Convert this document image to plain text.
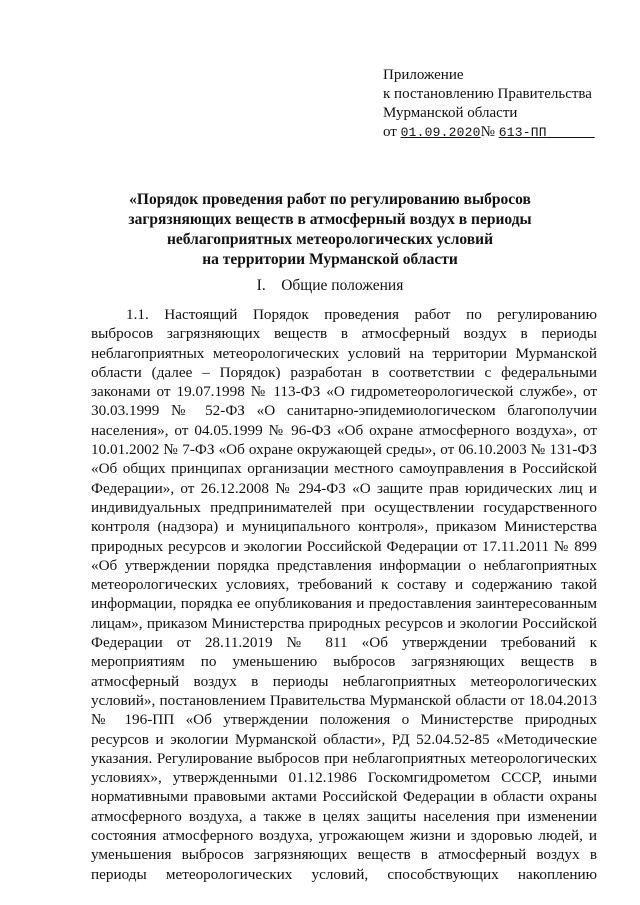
Приложение
к постановлению Правительства
Мурманской области
от 01.09.2020№ 613-ПП
«Порядок проведения работ по регулированию выбросов
загрязняющих веществ в атмосферный воздух в периоды
неблагоприятных метеорологических условий
на территории Мурманской области
I. Общие положения
1.1. Настоящий Порядок проведения работ по регулированию
выбросов загрязняющих веществ в атмосферный воздух в периоды
неблагоприятных метеорологических условий на территории Мурманской
области (далее – Порядок) разработан в соответствии с федеральными
законами от 19.07.1998 № 113-ФЗ «О гидрометеорологической службе», от
30.03.1999 № 52-ФЗ «О санитарно-эпидемиологическом благополучии
населения», от 04.05.1999 № 96-ФЗ «Об охране атмосферного воздуха», от
10.01.2002 № 7-ФЗ «Об охране окружающей среды», от 06.10.2003 № 131-ФЗ
«Об общих принципах организации местного самоуправления в Российской
Федерации», от 26.12.2008 № 294-ФЗ «О защите прав юридических лиц и
индивидуальных предпринимателей при осуществлении государственного
контроля (надзора) и муниципального контроля», приказом Министерства
природных ресурсов и экологии Российской Федерации от 17.11.2011 № 899
«Об утверждении порядка представления информации о неблагоприятных
метеорологических условиях, требований к составу и содержанию такой
информации, порядка ее опубликования и предоставления заинтересованным
лицам», приказом Министерства природных ресурсов и экологии Российской
Федерации от 28.11.2019 № 811 «Об утверждении требований к
мероприятиям по уменьшению выбросов загрязняющих веществ в
атмосферный воздух в периоды неблагоприятных метеорологических
условий», постановлением Правительства Мурманской области от 18.04.2013
№ 196-ПП «Об утверждении положения о Министерстве природных
ресурсов и экологии Мурманской области», РД 52.04.52-85 «Методические
указания. Регулирование выбросов при неблагоприятных метеорологических
условиях», утвержденными 01.12.1986 Госкомгидрометом СССР, иными
нормативными правовыми актами Российской Федерации в области охраны
атмосферного воздуха, а также в целях защиты населения при изменении
состояния атмосферного воздуха, угрожающем жизни и здоровью людей, и
уменьшения выбросов загрязняющих веществ в атмосферный воздух в
периоды метеорологических условий, способствующих накоплению
